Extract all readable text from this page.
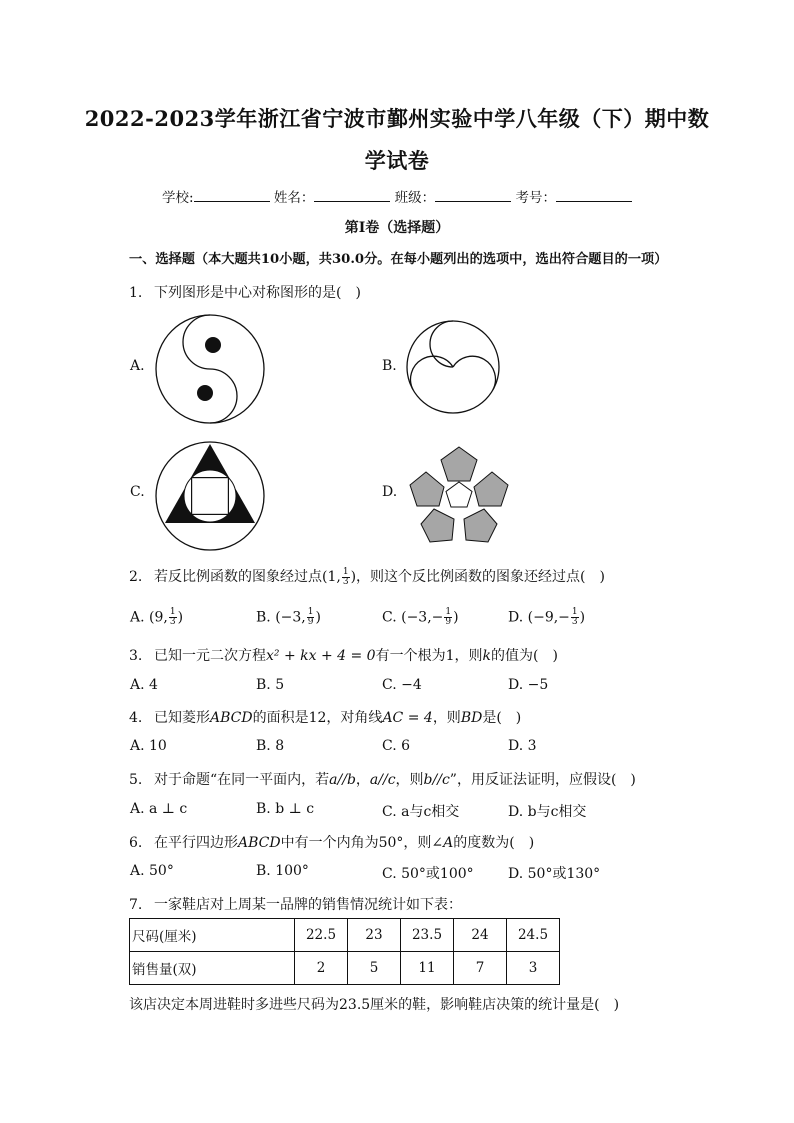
2022-2023学年浙江省宁波市鄞州实验中学八年级（下）期中数
学试卷
学校:	姓名：	班级：	考号：
第I卷（选择题）
一、选择题（本大题共10小题，共30.0分。在每小题列出的选项中，选出符合题目的一项）
1. 下列图形是中心对称图形的是(　)
A.	B.
C.	D.
2. 若反比例函数的图象经过点(1, $\frac{1}{3}$ )，则这个反比例函数的图象还经过点(　)
A. (9, $\frac{1}{3}$ )	B. (−3, $\frac{1}{9}$ )	C. ($-3,- \frac{1}{9}$ )	D. ($-9,- \frac{1}{3}$ )
3. 已知一元二次方程x² + kx + 4 = 0有一个根为1，则k的值为(　)
A. 4	B. 5	C. −4	D. −5
4. 已知菱形ABCD的面积是12，对角线AC = 4，则BD是(　)
A. 10	B. 8	C. 6	D. 3
5. 对于命题“在同一平面内，若a//b，a//c，则b//c”，用反证法证明，应假设(　)
A. a ⊥ c	B. b ⊥ c	C. a与c相交	D. b与c相交
6. 在平行四边形ABCD中有一个内角为50°，则∠A的度数为(　)
A. 50°	B. 100°	C. 50°或100° D. 50°或130°
7. 一家鞋店对上周某一品牌的销售情况统计如下表：
尺码(厘米)	22.5	23	23.5	24	24.5
销售量(双)	2	5	11	7	3
该店决定本周进鞋时多进些尺码为23.5厘米的鞋，影响鞋店决策的统计量是(　)
